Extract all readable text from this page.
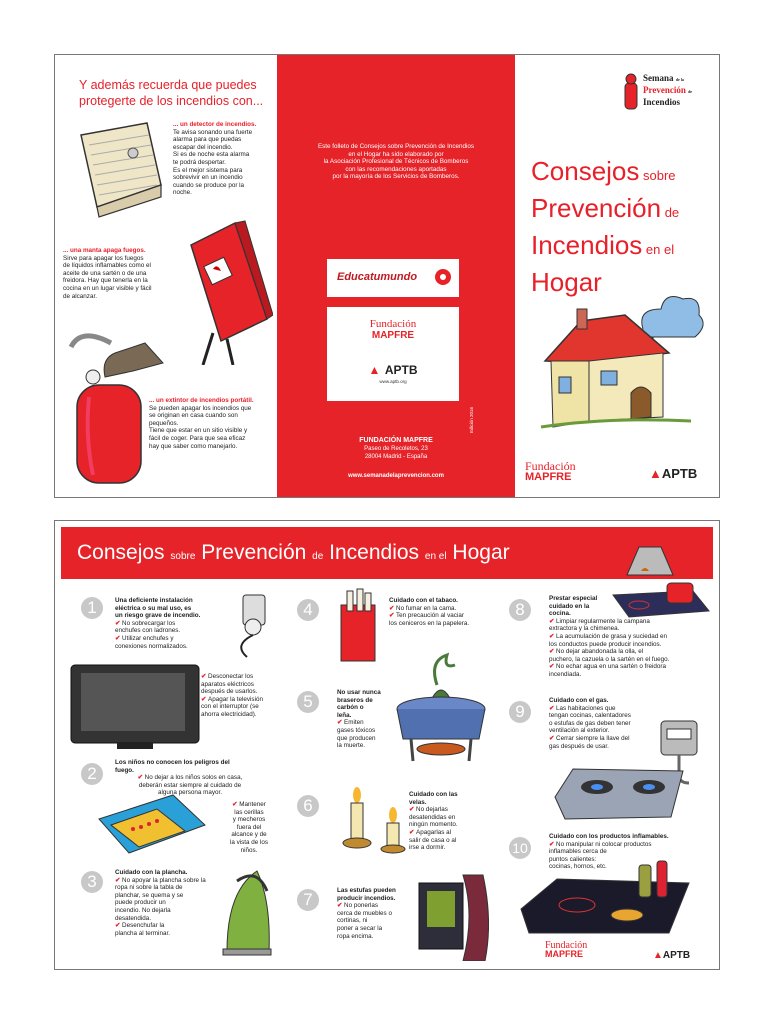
Y además recuerda que puedes
protegerte de los incendios con...
... un detector de incendios.
Te avisa sonando una fuerte
alarma para que puedas
escapar del incendio.
Si es de noche esta alarma
te podrá despertar.
Es el mejor sistema para
sobrevivir en un incendio
cuando se produce por la
noche.
... una manta apaga fuegos.
Sirve para apagar los fuegos
de líquidos inflamables como el
aceite de una sartén o de una
freidora. Hay que tenerla en la
cocina en un lugar visible y fácil
de alcanzar.
... un extintor de incendios portátil.
Se pueden apagar los incendios que
se originan en casa cuando son
pequeños.
Tiene que estar en un sitio visible y
fácil de coger. Para que sea eficaz
hay que saber como manejarlo.
Este folleto de Consejos sobre Prevención de Incendios
en el Hogar ha sido elaborado por
la Asociación Profesional de Técnicos de Bomberos
con las recomendaciones aportadas
por la mayoría de los Servicios de Bomberos.
Educatumundo
Fundación
MAPFRE
▲ APTB
www.aptb.org
Edición 2016
FUNDACIÓN MAPFRE
Paseo de Recoletos, 23
28004 Madrid - España
www.semanadelaprevencion.com
Semana de la
Prevención de
Incendios
Consejos sobre
Prevención de
Incendios en el
Hogar
Fundación
MAPFRE	▲APTB
Consejos sobre Prevención de Incendios en el Hogar
1
2
3
4
5
6
7
8
9
10
Una deficiente instalación
eléctrica o su mal uso, es
un riesgo grave de incendio.
✔ No sobrecargar los
enchufes con ladrones.
✔ Utilizar enchufes y
conexiones normalizados.
✔ Desconectar los
aparatos eléctricos
después de usarlos.
✔ Apagar la televisión
con el interruptor (se
ahorra electricidad).
Los niños no conocen los peligros del
fuego.
✔ No dejar a los niños solos en casa,
deberán estar siempre al cuidado de
alguna persona mayor.
✔ Mantener
las cerillas
y mecheros
fuera del
alcance y de
la vista de los
niños.
Cuidado con la plancha.
✔ No apoyar la plancha sobre la
ropa ni sobre la tabla de
planchar, se quema y se
puede producir un
incendio. No dejarla
desatendida.
✔ Desenchufar la
plancha al terminar.
Cuidado con el tabaco.
✔ No fumar en la cama.
✔ Ten precaución al vaciar
los ceniceros en la papelera.
No usar nunca
braseros de
carbón o
leña.
✔ Emiten
gases tóxicos
que producen
la muerte.
Cuidado con las
velas.
✔ No dejarlas
desatendidas en
ningún momento.
✔ Apagarlas al
salir de casa o al
irse a dormir.
Las estufas pueden
producir incendios.
✔ No ponerlas
cerca de muebles o
cortinas, ni
poner a secar la
ropa encima.
Prestar especial
cuidado en la
cocina.
✔ Limpiar regularmente la campana
extractora y la chimenea.
✔ La acumulación de grasa y suciedad en
los conductos puede producir incendios.
✔ No dejar abandonada la olla, el
puchero, la cazuela o la sartén en el fuego.
✔ No echar agua en una sartén o freidora
incendiada.
Cuidado con el gas.
✔ Las habitaciones que
tengan cocinas, calentadores
o estufas de gas deben tener
ventilación al exterior.
✔ Cerrar siempre la llave del
gas después de usar.
Cuidado con los productos inflamables.
✔ No manipular ni colocar productos
inflamables cerca de
puntos calientes:
cocinas, hornos, etc.
Fundación
MAPFRE	▲APTB
